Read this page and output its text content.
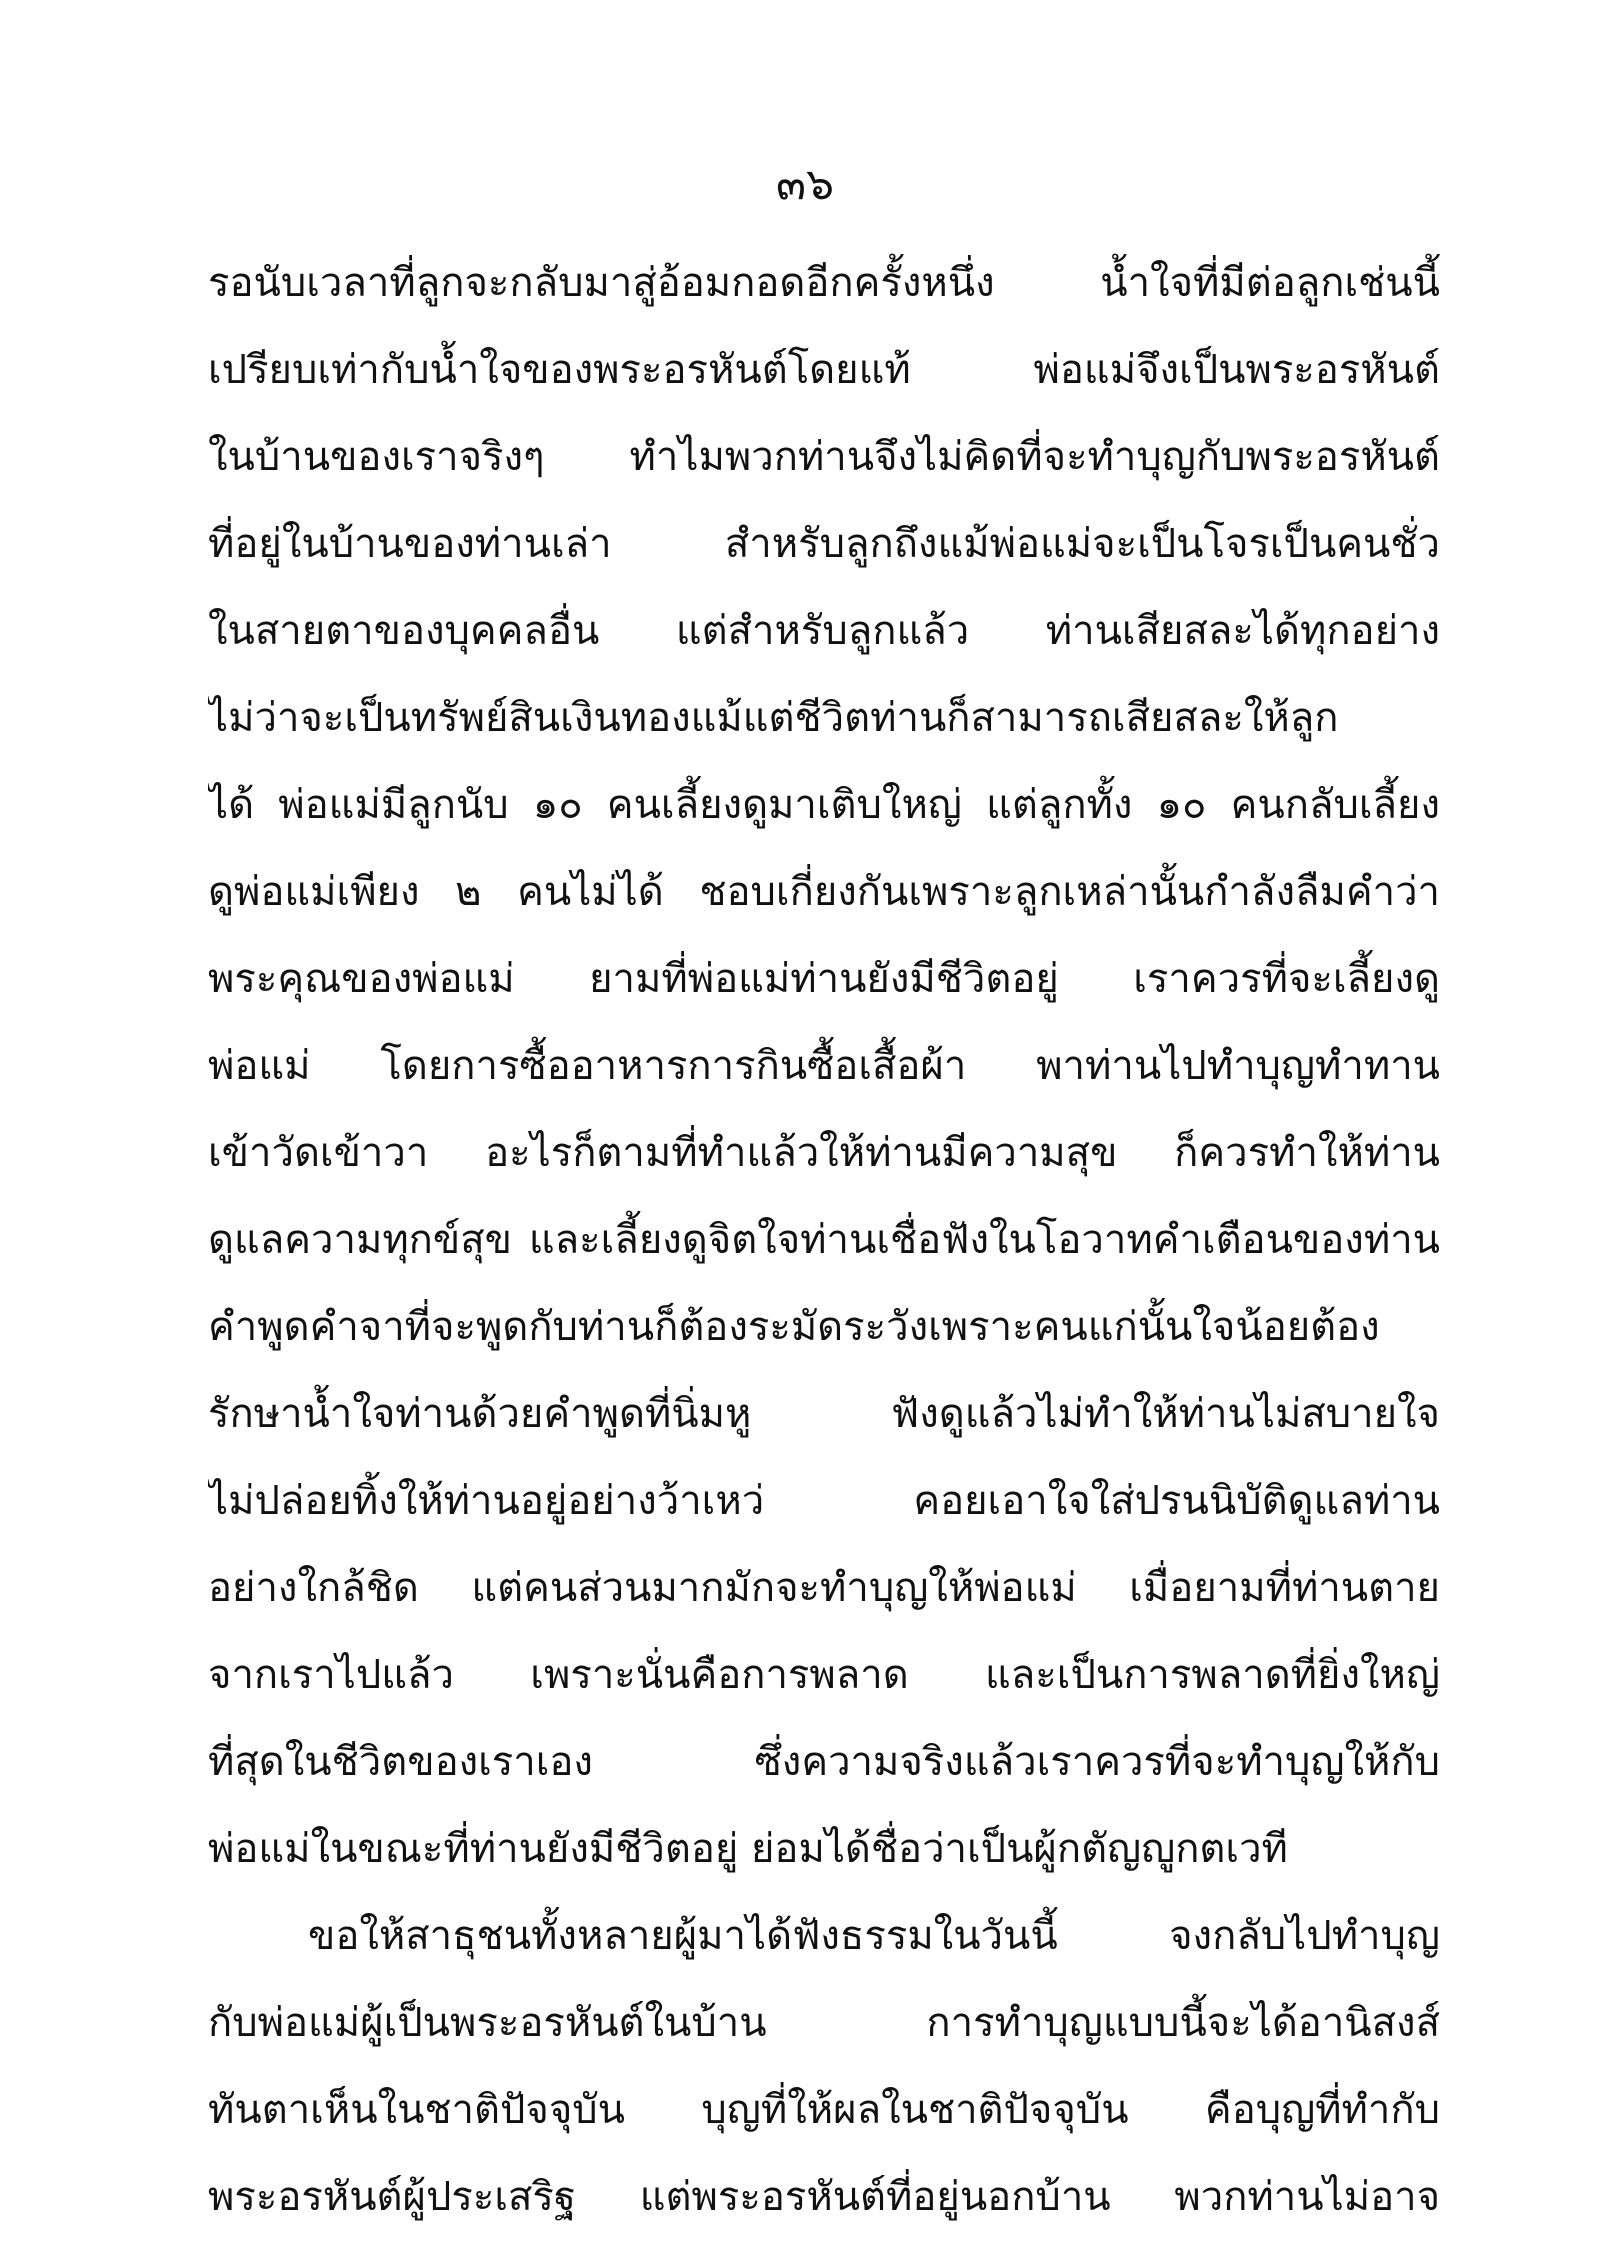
๓๖
รอนับเวลาที่ลูกจะกลับมาสู่อ้อมกอดอีกครั้งหนึ่ง น้ำใจที่มีต่อลูกเช่นนี้
เปรียบเท่ากับน้ำใจของพระอรหันต์โดยแท้ พ่อแม่จึงเป็นพระอรหันต์
ในบ้านของเราจริงๆ ทำไมพวกท่านจึงไม่คิดที่จะทำบุญกับพระอรหันต์
ที่อยู่ในบ้านของท่านเล่า สำหรับลูกถึงแม้พ่อแม่จะเป็นโจรเป็นคนชั่ว
ในสายตาของบุคคลอื่น แต่สำหรับลูกแล้ว ท่านเสียสละได้ทุกอย่าง
ไม่ว่าจะเป็นทรัพย์สินเงินทองแม้แต่ชีวิตท่านก็สามารถเสียสละให้ลูก
ได้ พ่อแม่มีลูกนับ ๑๐ คนเลี้ยงดูมาเติบใหญ่ แต่ลูกทั้ง ๑๐ คนกลับเลี้ยง
ดูพ่อแม่เพียง ๒ คนไม่ได้ ชอบเกี่ยงกันเพราะลูกเหล่านั้นกำลังลืมคำว่า
พระคุณของพ่อแม่ ยามที่พ่อแม่ท่านยังมีชีวิตอยู่ เราควรที่จะเลี้ยงดู
พ่อแม่ โดยการซื้ออาหารการกินซื้อเสื้อผ้า พาท่านไปทำบุญทำทาน
เข้าวัดเข้าวา อะไรก็ตามที่ทำแล้วให้ท่านมีความสุข ก็ควรทำให้ท่าน
ดูแลความทุกข์สุข และเลี้ยงดูจิตใจท่านเชื่อฟังในโอวาทคำเตือนของท่าน
คำพูดคำจาที่จะพูดกับท่านก็ต้องระมัดระวังเพราะคนแก่นั้นใจน้อยต้อง
รักษาน้ำใจท่านด้วยคำพูดที่นิ่มหู ฟังดูแล้วไม่ทำให้ท่านไม่สบายใจ
ไม่ปล่อยทิ้งให้ท่านอยู่อย่างว้าเหว่ คอยเอาใจใส่ปรนนิบัติดูแลท่าน
อย่างใกล้ชิด แต่คนส่วนมากมักจะทำบุญให้พ่อแม่ เมื่อยามที่ท่านตาย
จากเราไปแล้ว เพราะนั่นคือการพลาด และเป็นการพลาดที่ยิ่งใหญ่
ที่สุดในชีวิตของเราเอง ซึ่งความจริงแล้วเราควรที่จะทำบุญให้กับ
พ่อแม่ในขณะที่ท่านยังมีชีวิตอยู่ ย่อมได้ชื่อว่าเป็นผู้กตัญญูกตเวที
ขอให้สาธุชนทั้งหลายผู้มาได้ฟังธรรมในวันนี้ จงกลับไปทำบุญ
กับพ่อแม่ผู้เป็นพระอรหันต์ในบ้าน การทำบุญแบบนี้จะได้อานิสงส์
ทันตาเห็นในชาติปัจจุบัน บุญที่ให้ผลในชาติปัจจุบัน คือบุญที่ทำกับ
พระอรหันต์ผู้ประเสริฐ แต่พระอรหันต์ที่อยู่นอกบ้าน พวกท่านไม่อาจ
